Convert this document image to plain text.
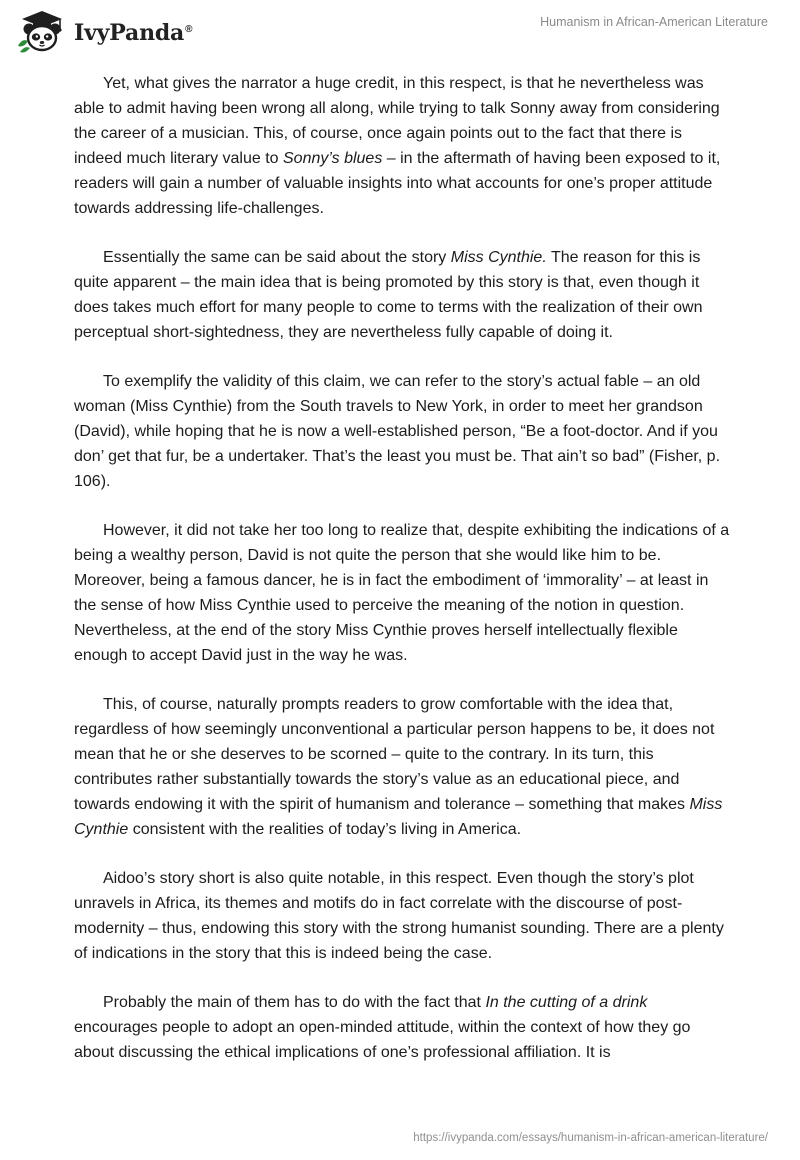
IvyPanda®
Humanism in African-American Literature

Yet, what gives the narrator a huge credit, in this respect, is that he nevertheless was able to admit having been wrong all along, while trying to talk Sonny away from considering the career of a musician. This, of course, once again points out to the fact that there is indeed much literary value to Sonny’s blues – in the aftermath of having been exposed to it, readers will gain a number of valuable insights into what accounts for one’s proper attitude towards addressing life-challenges.

Essentially the same can be said about the story Miss Cynthie. The reason for this is quite apparent – the main idea that is being promoted by this story is that, even though it does takes much effort for many people to come to terms with the realization of their own perceptual short-sightedness, they are nevertheless fully capable of doing it.

To exemplify the validity of this claim, we can refer to the story’s actual fable – an old woman (Miss Cynthie) from the South travels to New York, in order to meet her grandson (David), while hoping that he is now a well-established person, “Be a foot-doctor. And if you don’ get that fur, be a undertaker. That’s the least you must be. That ain’t so bad” (Fisher, p. 106).

However, it did not take her too long to realize that, despite exhibiting the indications of a being a wealthy person, David is not quite the person that she would like him to be. Moreover, being a famous dancer, he is in fact the embodiment of ‘immorality’ – at least in the sense of how Miss Cynthie used to perceive the meaning of the notion in question. Nevertheless, at the end of the story Miss Cynthie proves herself intellectually flexible enough to accept David just in the way he was.

This, of course, naturally prompts readers to grow comfortable with the idea that, regardless of how seemingly unconventional a particular person happens to be, it does not mean that he or she deserves to be scorned – quite to the contrary. In its turn, this contributes rather substantially towards the story’s value as an educational piece, and towards endowing it with the spirit of humanism and tolerance – something that makes Miss Cynthie consistent with the realities of today’s living in America.

Aidoo’s story short is also quite notable, in this respect. Even though the story’s plot unravels in Africa, its themes and motifs do in fact correlate with the discourse of post-modernity – thus, endowing this story with the strong humanist sounding. There are a plenty of indications in the story that this is indeed being the case.

Probably the main of them has to do with the fact that In the cutting of a drink encourages people to adopt an open-minded attitude, within the context of how they go about discussing the ethical implications of one’s professional affiliation. It is

https://ivypanda.com/essays/humanism-in-african-american-literature/
